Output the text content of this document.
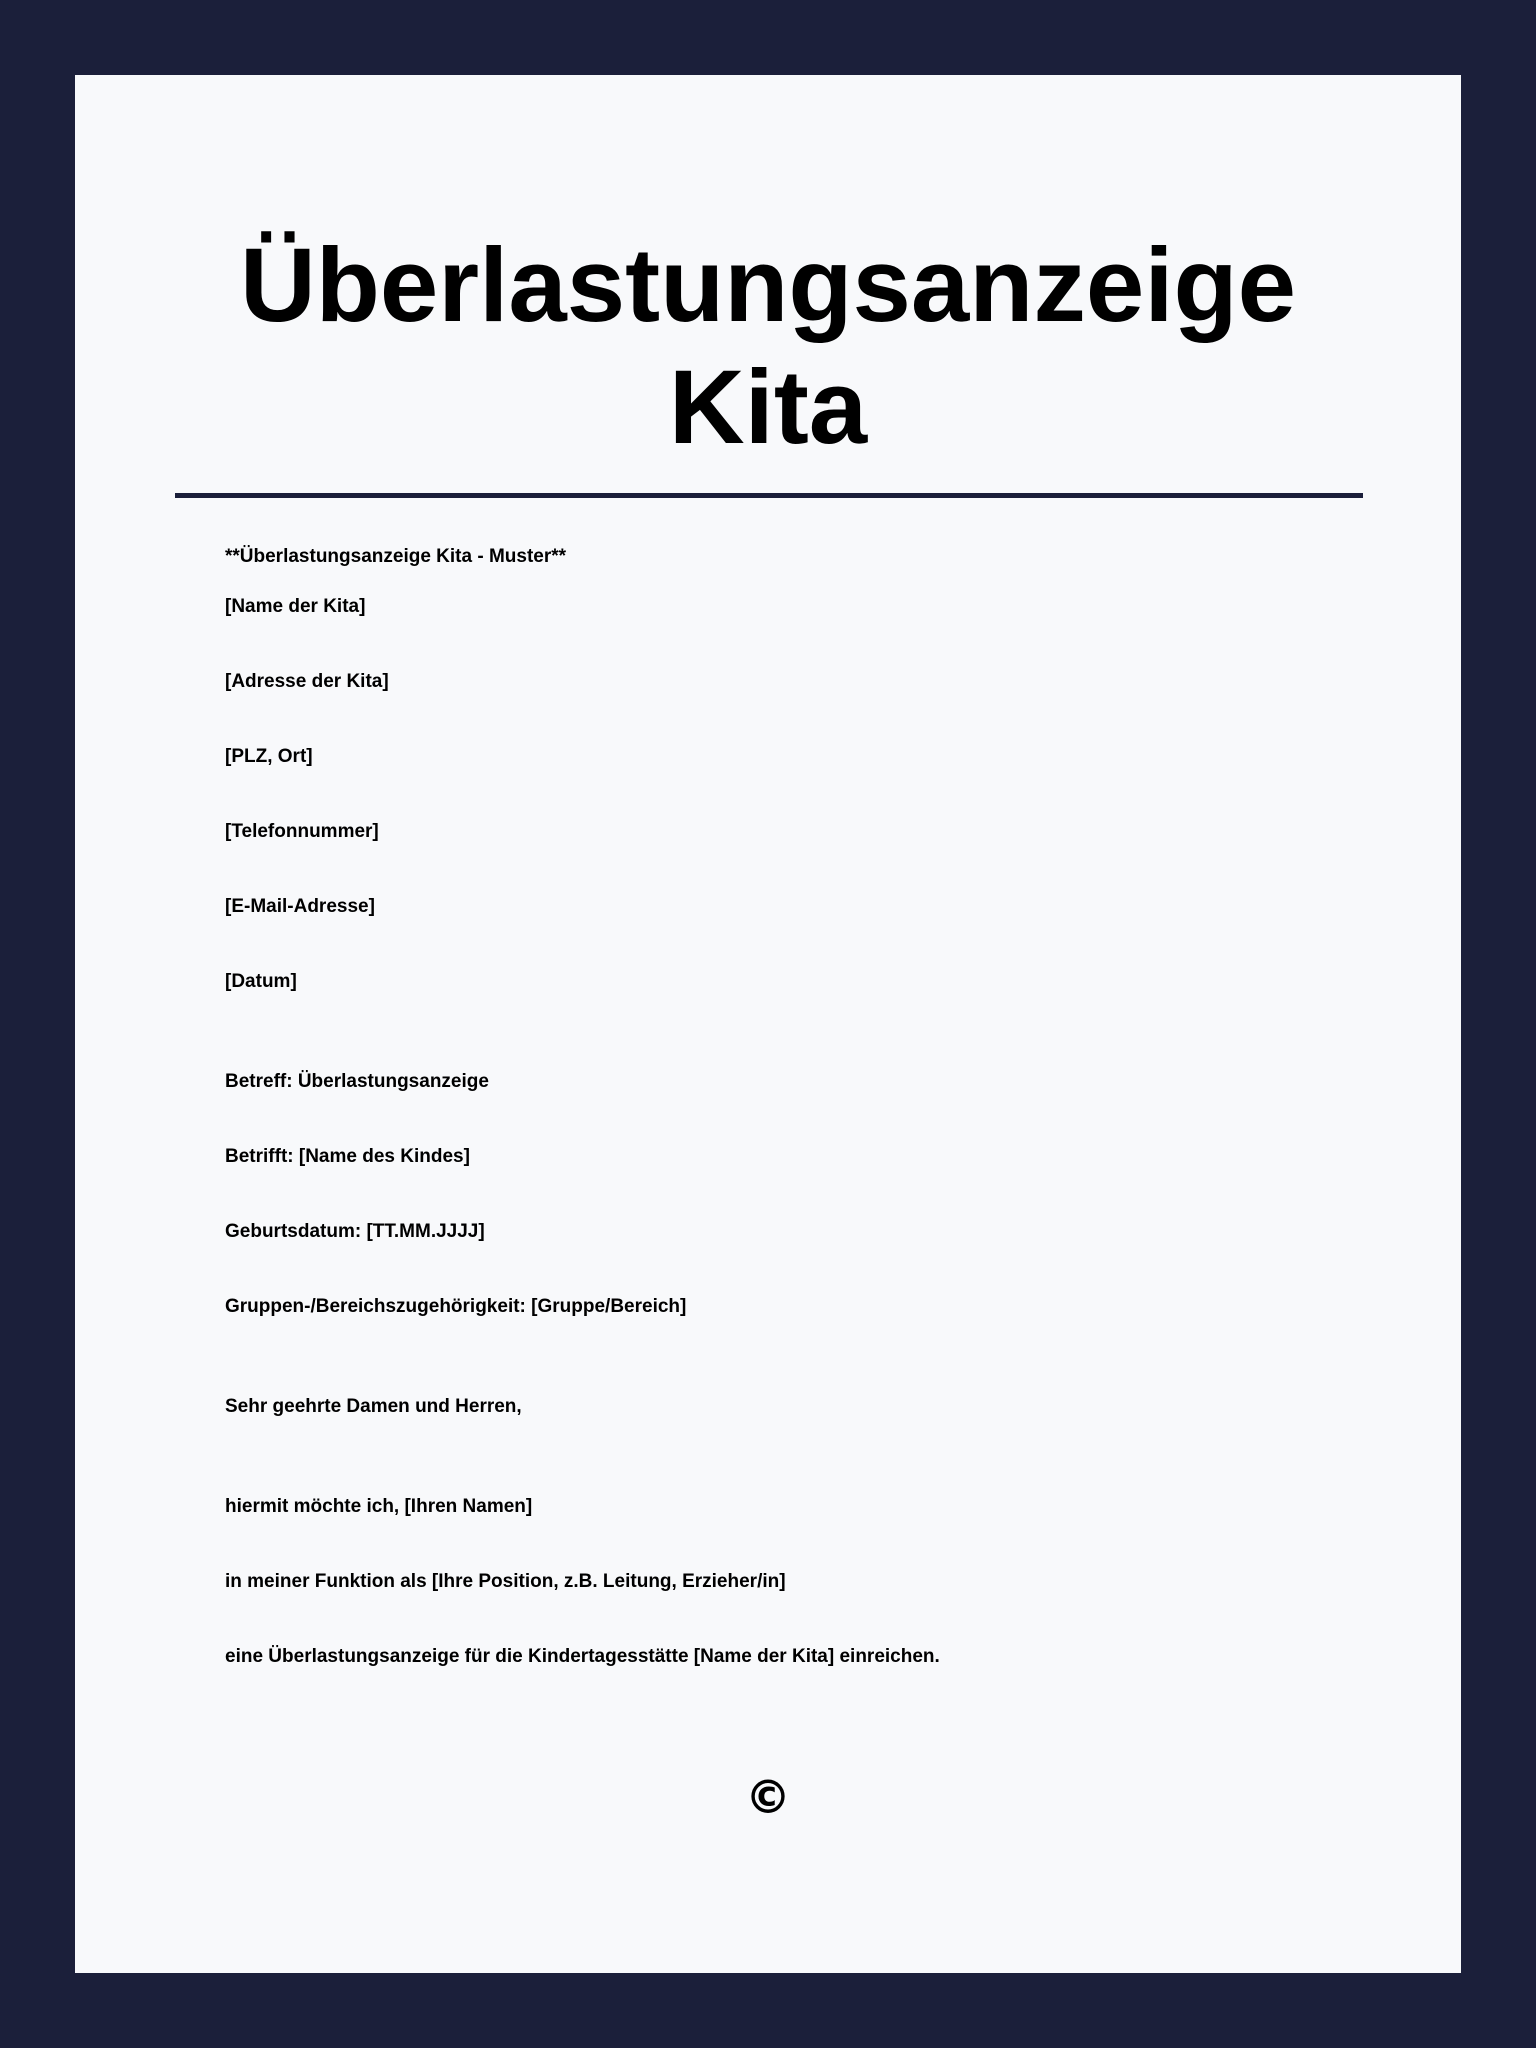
Überlastungsanzeige
Kita
**Überlastungsanzeige Kita - Muster**
[Name der Kita]
[Adresse der Kita]
[PLZ, Ort]
[Telefonnummer]
[E-Mail-Adresse]
[Datum]
Betreff: Überlastungsanzeige
Betrifft: [Name des Kindes]
Geburtsdatum: [TT.MM.JJJJ]
Gruppen-/Bereichszugehörigkeit: [Gruppe/Bereich]
Sehr geehrte Damen und Herren,
hiermit möchte ich, [Ihren Namen]
in meiner Funktion als [Ihre Position, z.B. Leitung, Erzieher/in]
eine Überlastungsanzeige für die Kindertagesstätte [Name der Kita] einreichen.
©
